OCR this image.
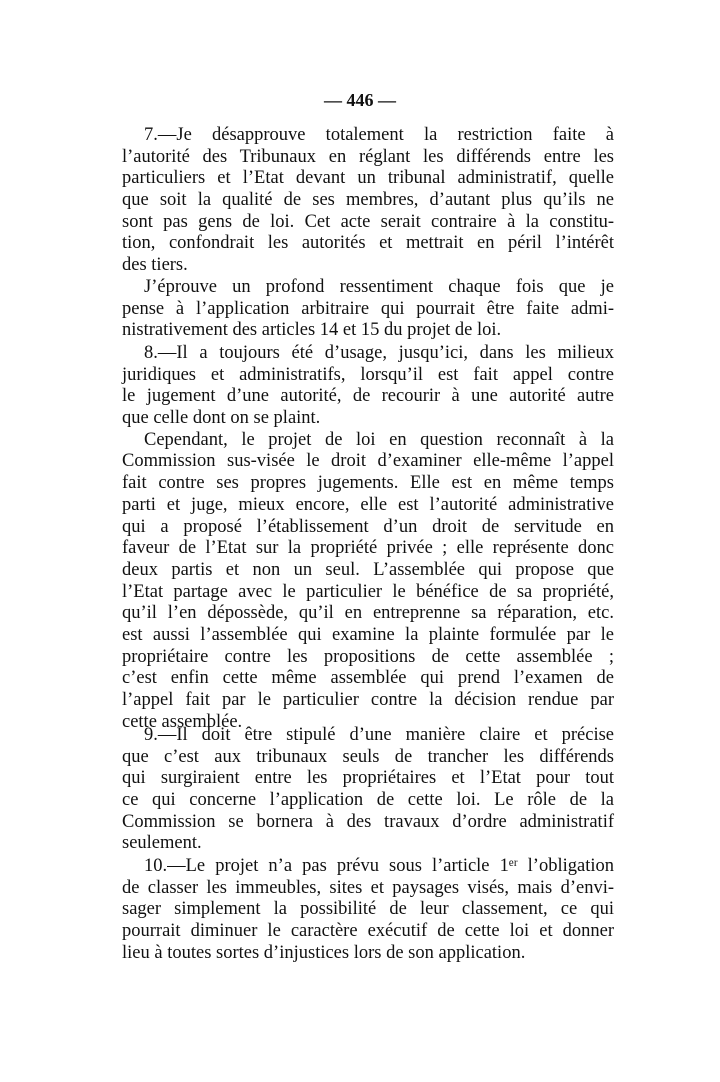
— 446 —
7.—Je désapprouve totalement la restriction faite à
l’autorité des Tribunaux en réglant les différends entre les
particuliers et l’Etat devant un tribunal administratif, quelle
que soit la qualité de ses membres, d’autant plus qu’ils ne
sont pas gens de loi. Cet acte serait contraire à la constitu-
tion, confondrait les autorités et mettrait en péril l’intérêt
des tiers.
J’éprouve un profond ressentiment chaque fois que je
pense à l’application arbitraire qui pourrait être faite admi-
nistrativement des articles 14 et 15 du projet de loi.
8.—Il a toujours été d’usage, jusqu’ici, dans les milieux
juridiques et administratifs, lorsqu’il est fait appel contre
le jugement d’une autorité, de recourir à une autorité autre
que celle dont on se plaint.
Cependant, le projet de loi en question reconnaît à la
Commission sus-visée le droit d’examiner elle-même l’appel
fait contre ses propres jugements. Elle est en même temps
parti et juge, mieux encore, elle est l’autorité administrative
qui a proposé l’établissement d’un droit de servitude en
faveur de l’Etat sur la propriété privée ; elle représente donc
deux partis et non un seul. L’assemblée qui propose que
l’Etat partage avec le particulier le bénéfice de sa propriété,
qu’il l’en dépossède, qu’il en entreprenne sa réparation, etc.
est aussi l’assemblée qui examine la plainte formulée par le
propriétaire contre les propositions de cette assemblée ;
c’est enfin cette même assemblée qui prend l’examen de
l’appel fait par le particulier contre la décision rendue par
cette assemblée.
9.—Il doit être stipulé d’une manière claire et précise
que c’est aux tribunaux seuls de trancher les différends
qui surgiraient entre les propriétaires et l’Etat pour tout
ce qui concerne l’application de cette loi. Le rôle de la
Commission se bornera à des travaux d’ordre administratif
seulement.
10.—Le projet n’a pas prévu sous l’article 1ᵉʳ l’obligation
de classer les immeubles, sites et paysages visés, mais d’envi-
sager simplement la possibilité de leur classement, ce qui
pourrait diminuer le caractère exécutif de cette loi et donner
lieu à toutes sortes d’injustices lors de son application.
